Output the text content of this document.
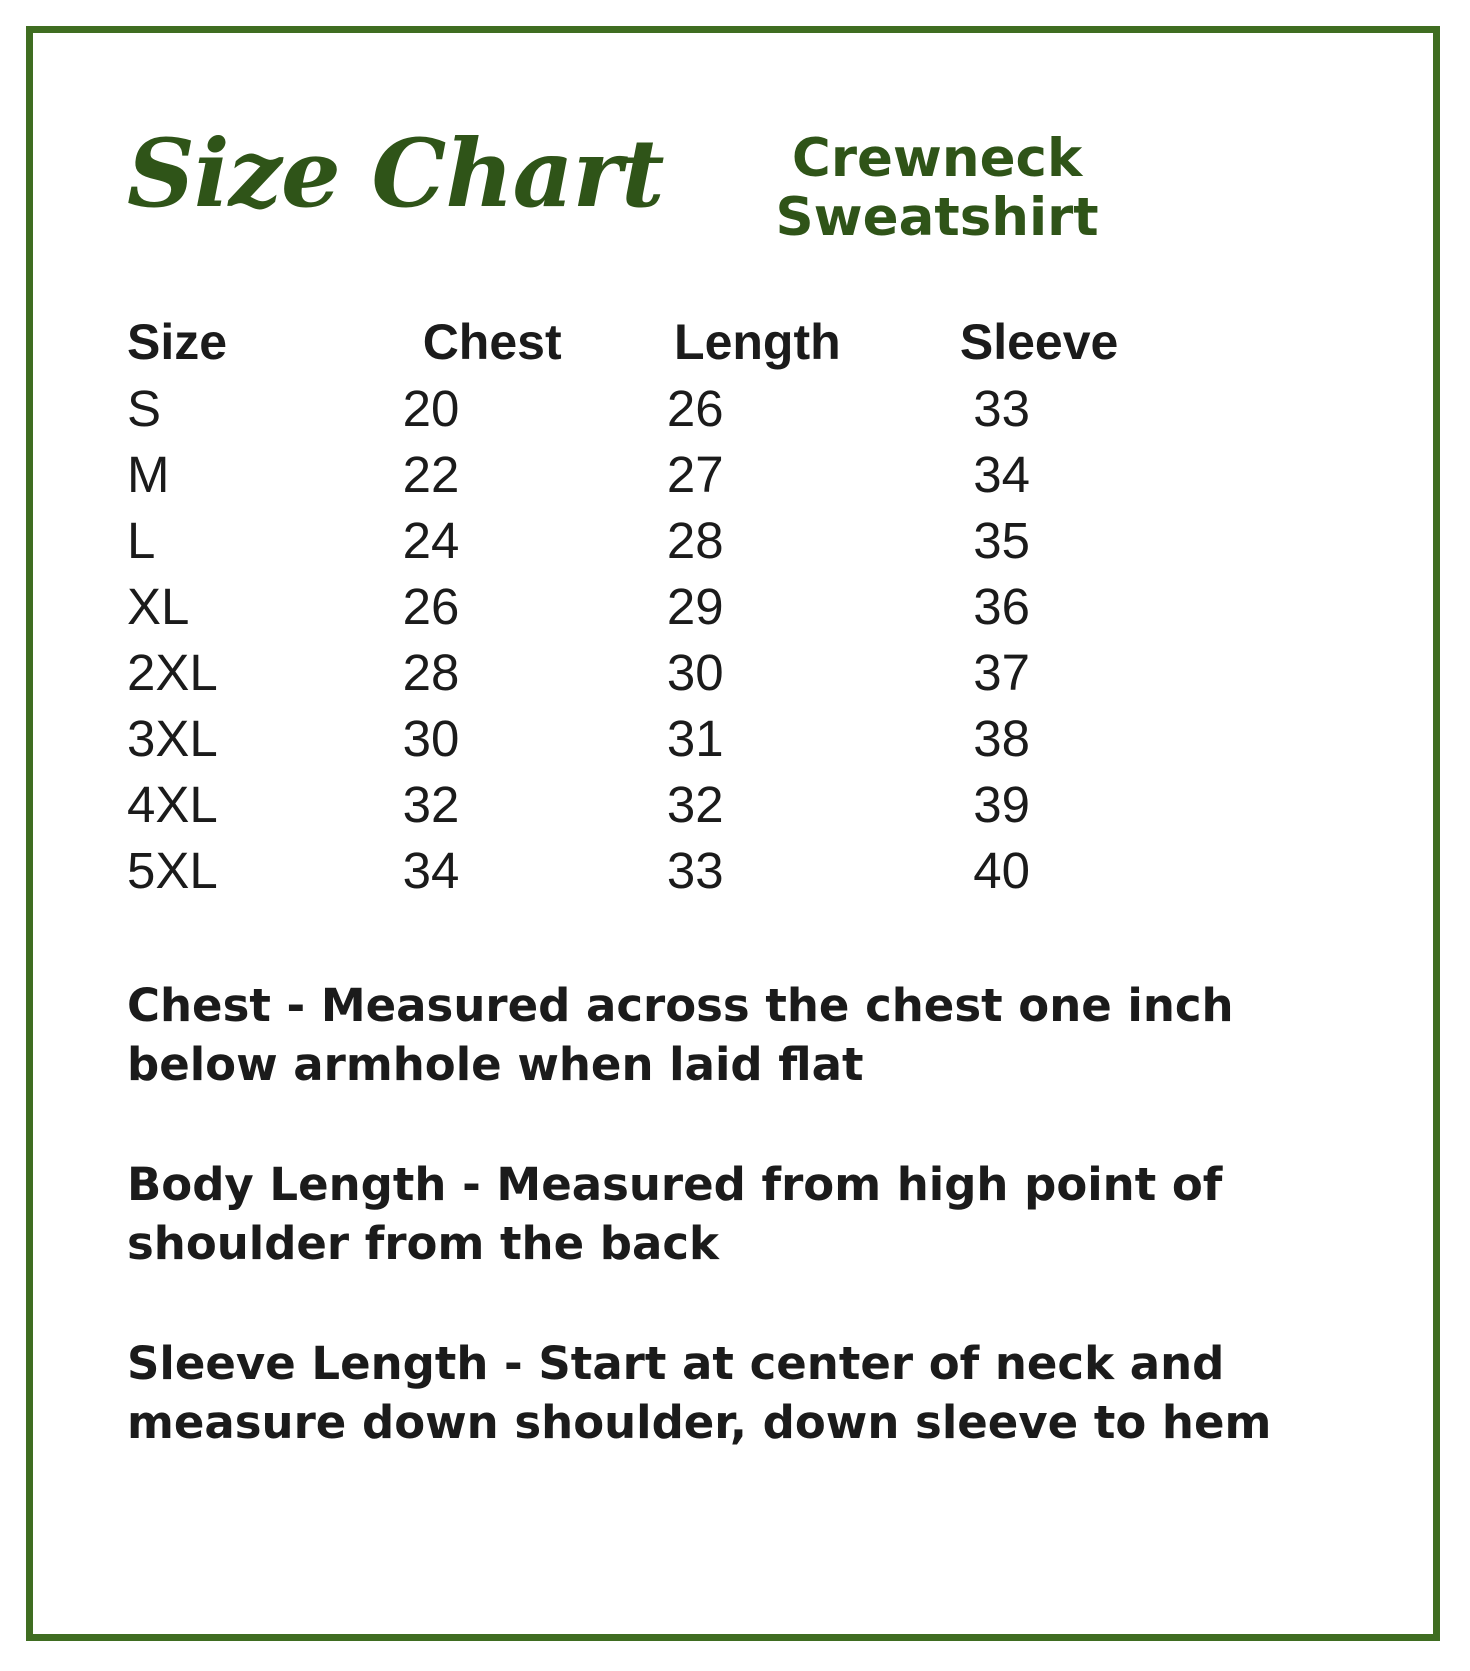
Size Chart	Crewneck
Sweatshirt
Size	Chest	Length	Sleeve
S	20	26	33
M	22	27	34
L	24	28	35
XL	26	29	36
2XL	28	30	37
3XL	30	31	38
4XL	32	32	39
5XL	34	33	40
Chest - Measured across the chest one inch below armhole when laid flat
Body Length - Measured from high point of shoulder from the back
Sleeve Length - Start at center of neck and measure down shoulder, down sleeve to hem
